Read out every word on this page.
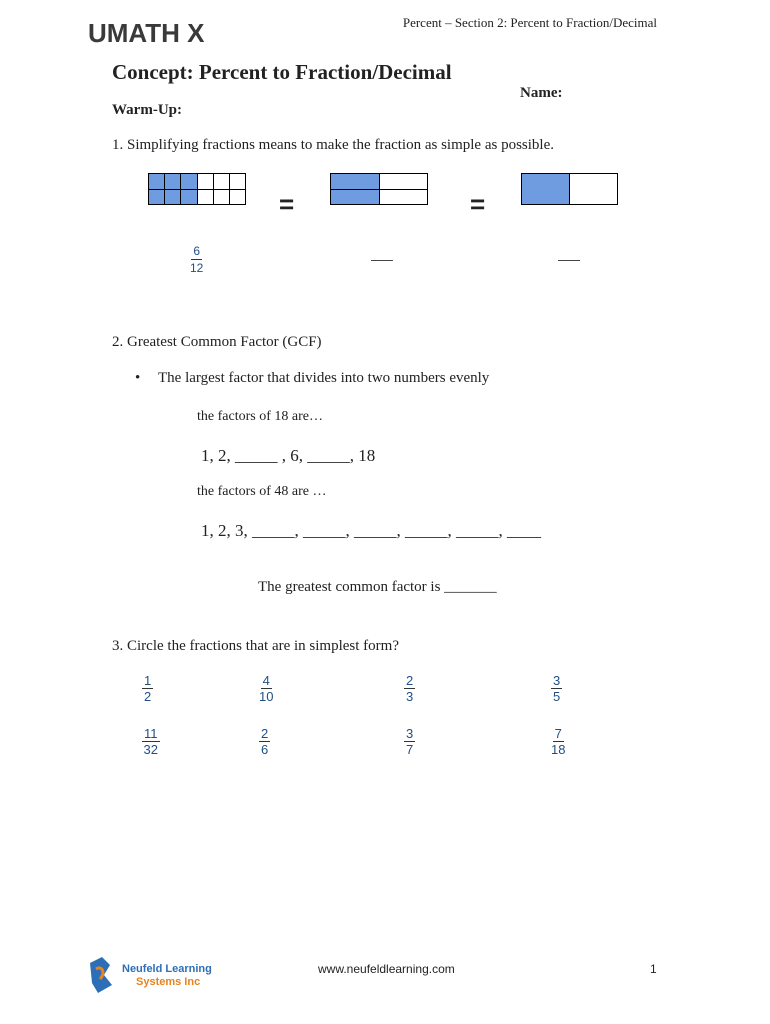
UMATH X	Percent – Section 2: Percent to Fraction/Decimal
Concept: Percent to Fraction/Decimal
Name:
Warm-Up:
1. Simplifying fractions means to make the fraction as simple as possible.
=	=
$\frac{6}{12}$
2. Greatest Common Factor (GCF)
• The largest factor that divides into two numbers evenly
the factors of 18 are…
1, 2, _____ , 6, _____, 18
the factors of 48 are …
1, 2, 3, _____, _____, _____, _____, _____, ____
The greatest common factor is _______
3. Circle the fractions that are in simplest form?
$\frac{1}{2}$	$\frac{4}{10}$	$\frac{2}{3}$	$\frac{3}{5}$
$\frac{11}{32}$	$\frac{2}{6}$	$\frac{3}{7}$	$\frac{7}{18}$
Neufeld Learning
Systems Inc
www.neufeldlearning.com	1
